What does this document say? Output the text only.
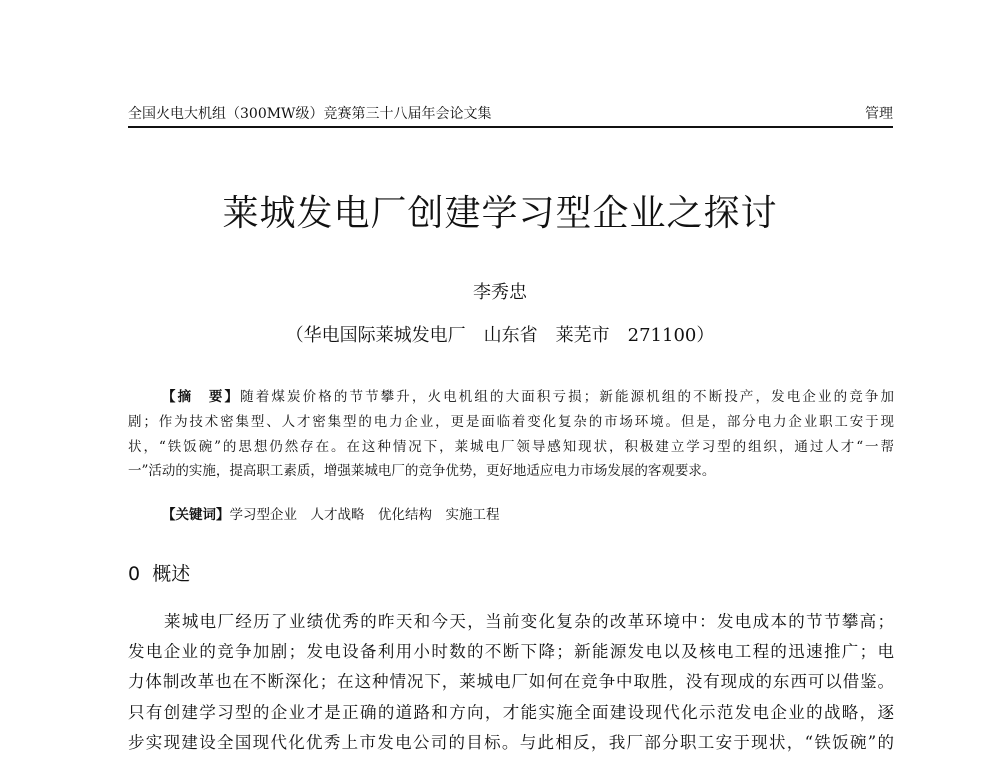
全国火电大机组（300MW级）竞赛第三十八届年会论文集	管理
莱城发电厂创建学习型企业之探讨
李秀忠
（华电国际莱城发电厂　山东省　莱芜市　271100）
【摘　要】随着煤炭价格的节节攀升，火电机组的大面积亏损；新能源机组的不断投产，发电企业的竞争加
剧；作为技术密集型、人才密集型的电力企业，更是面临着变化复杂的市场环境。但是，部分电力企业职工安于现
状，“铁饭碗”的思想仍然存在。在这种情况下，莱城电厂领导感知现状，积极建立学习型的组织，通过人才“一帮
一”活动的实施，提高职工素质，增强莱城电厂的竞争优势，更好地适应电力市场发展的客观要求。
【关键词】学习型企业　人才战略　优化结构　实施工程
0 概述
莱城电厂经历了业绩优秀的昨天和今天，当前变化复杂的改革环境中：发电成本的节节攀高；
发电企业的竞争加剧；发电设备利用小时数的不断下降；新能源发电以及核电工程的迅速推广；电
力体制改革也在不断深化；在这种情况下，莱城电厂如何在竞争中取胜，没有现成的东西可以借鉴。
只有创建学习型的企业才是正确的道路和方向，才能实施全面建设现代化示范发电企业的战略，逐
步实现建设全国现代化优秀上市发电公司的目标。与此相反，我厂部分职工安于现状，“铁饭碗”的
